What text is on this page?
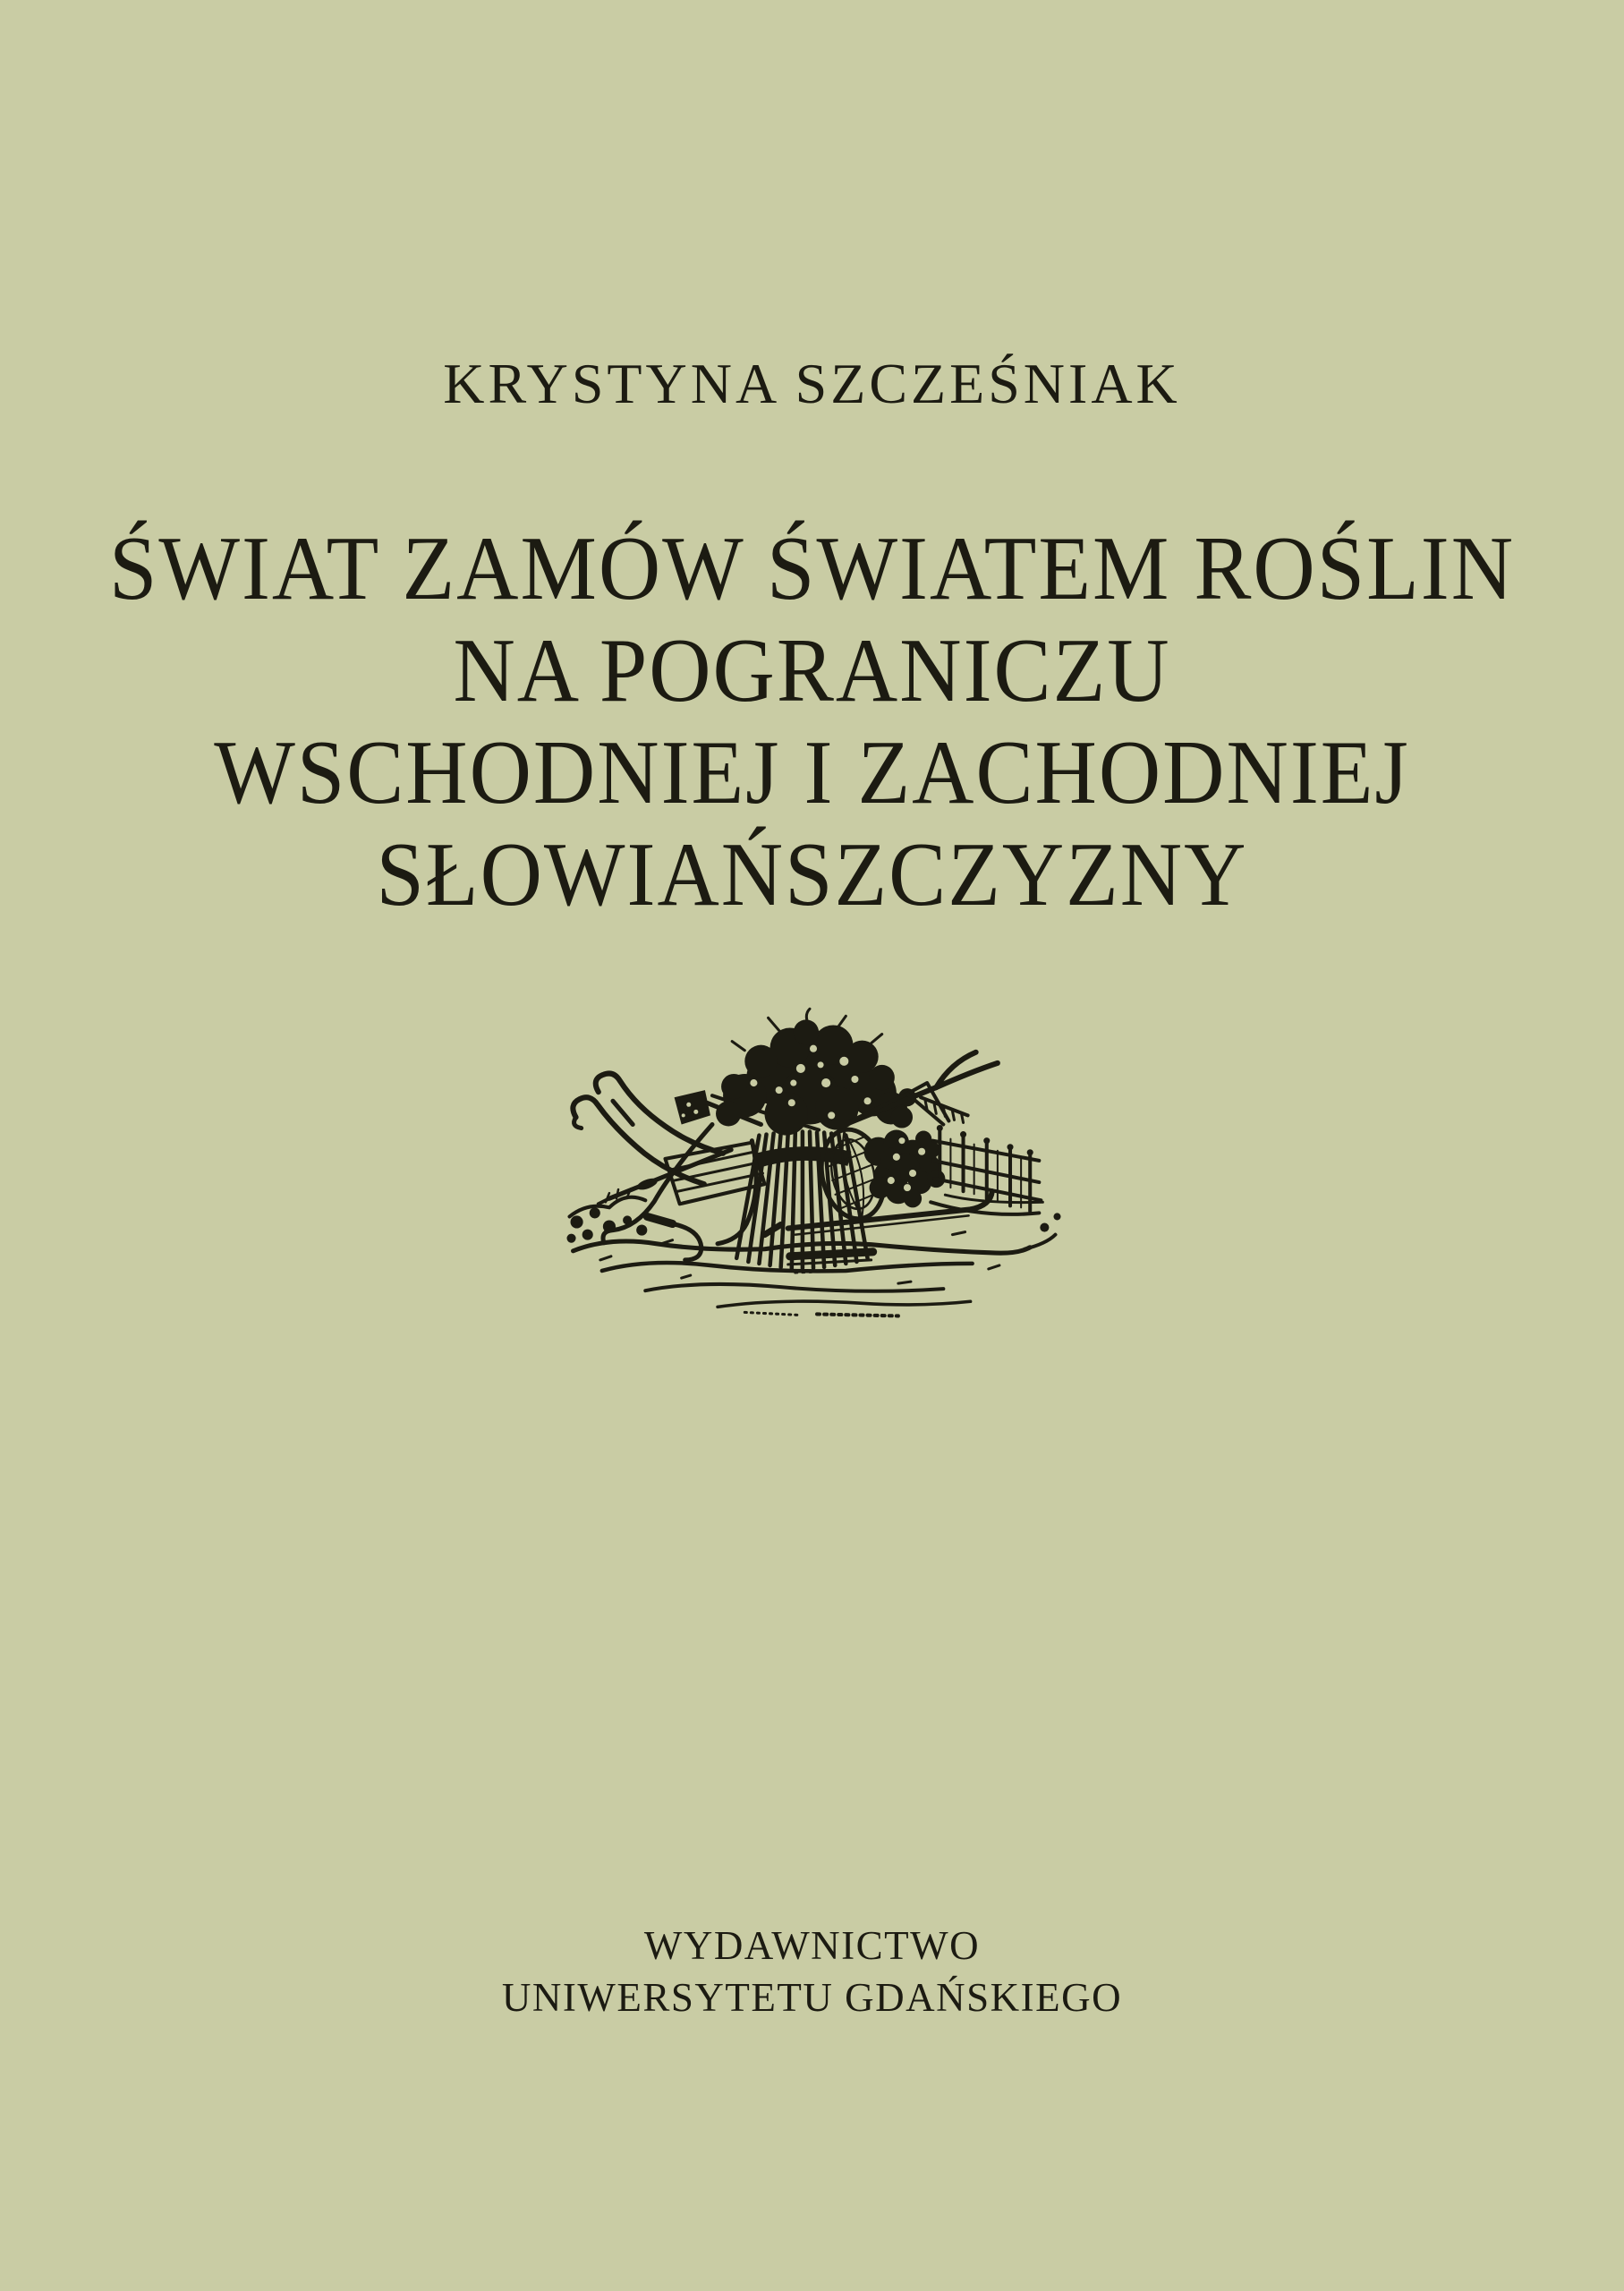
KRYSTYNA SZCZEŚNIAK
ŚWIAT ZAMÓW ŚWIATEM ROŚLIN
NA POGRANICZU
WSCHODNIEJ I ZACHODNIEJ
SŁOWIAŃSZCZYZNY
WYDAWNICTWO
UNIWERSYTETU GDAŃSKIEGO
